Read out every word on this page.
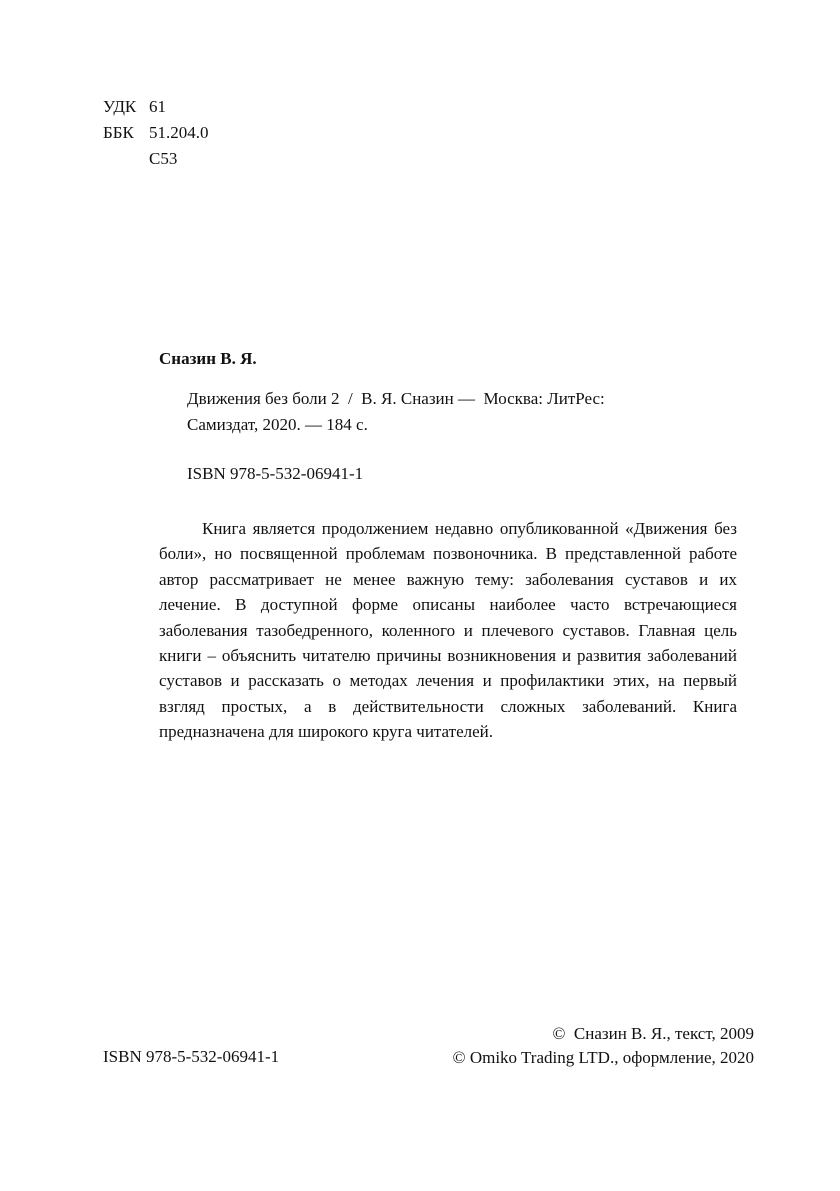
УДК 61
ББК 51.204.0
С53
Сназин В. Я.
Движения без боли 2  /  В. Я. Сназин —  Москва: ЛитРес:
Самиздат, 2020. — 184 с.
ISBN 978-5-532-06941-1

Книга является продолжением недавно опубликованной «Движения без боли», но посвященной проблемам позвоночника. В представленной работе автор рассматривает не менее важную тему: заболевания суставов и их лечение. В доступной форме описаны наиболее часто встречающиеся заболевания тазобедренного, коленного и плечевого суставов. Главная цель книги – объяснить читателю причины возникновения и развития заболеваний суставов и рассказать о методах лечения и профилактики этих, на первый взгляд простых, а в действительности сложных заболеваний. Книга предназначена для широкого круга читателей.

ISBN 978-5-532-06941-1
©  Сназин В. Я., текст, 2009
© Omiko Trading LTD., оформление, 2020
